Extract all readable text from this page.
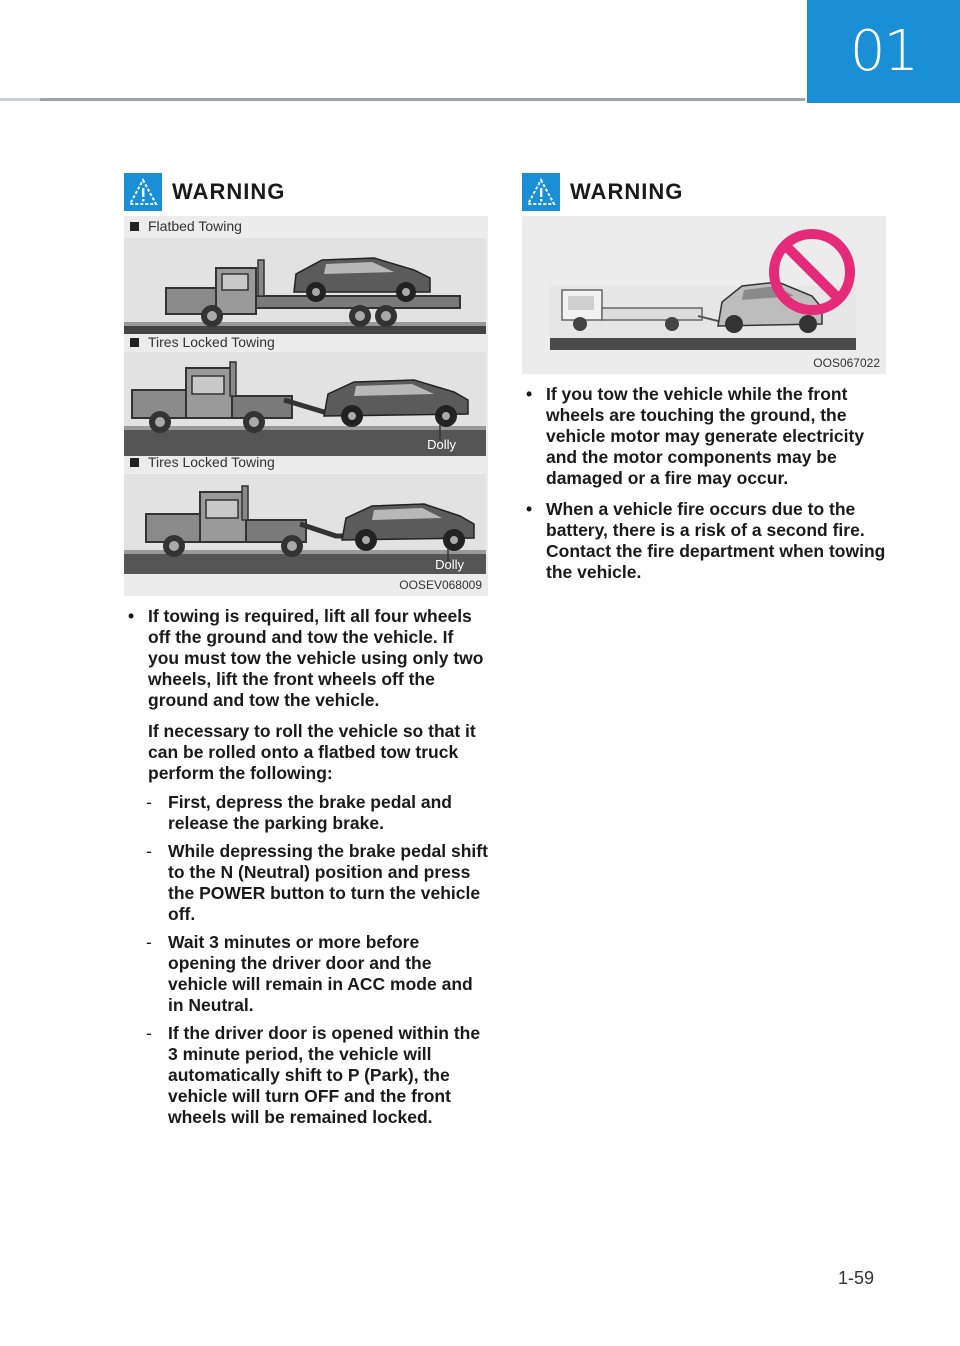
01
WARNING
Flatbed Towing
Tires Locked Towing
Dolly
Tires Locked Towing
Dolly
OOSEV068009
• If towing is required, lift all four wheels off the ground and tow the vehicle. If you must tow the vehicle using only two wheels, lift the front wheels off the ground and tow the vehicle.
If necessary to roll the vehicle so that it can be rolled onto a flatbed tow truck perform the following:
- First, depress the brake pedal and release the parking brake.
- While depressing the brake pedal shift to the N (Neutral) position and press the POWER button to turn the vehicle off.
- Wait 3 minutes or more before opening the driver door and the vehicle will remain in ACC mode and in Neutral.
- If the driver door is opened within the 3 minute period, the vehicle will automatically shift to P (Park), the vehicle will turn OFF and the front wheels will be remained locked.
WARNING
OOS067022
• If you tow the vehicle while the front wheels are touching the ground, the vehicle motor may generate electricity and the motor components may be damaged or a fire may occur.
• When a vehicle fire occurs due to the battery, there is a risk of a second fire. Contact the fire department when towing the vehicle.
1-59
